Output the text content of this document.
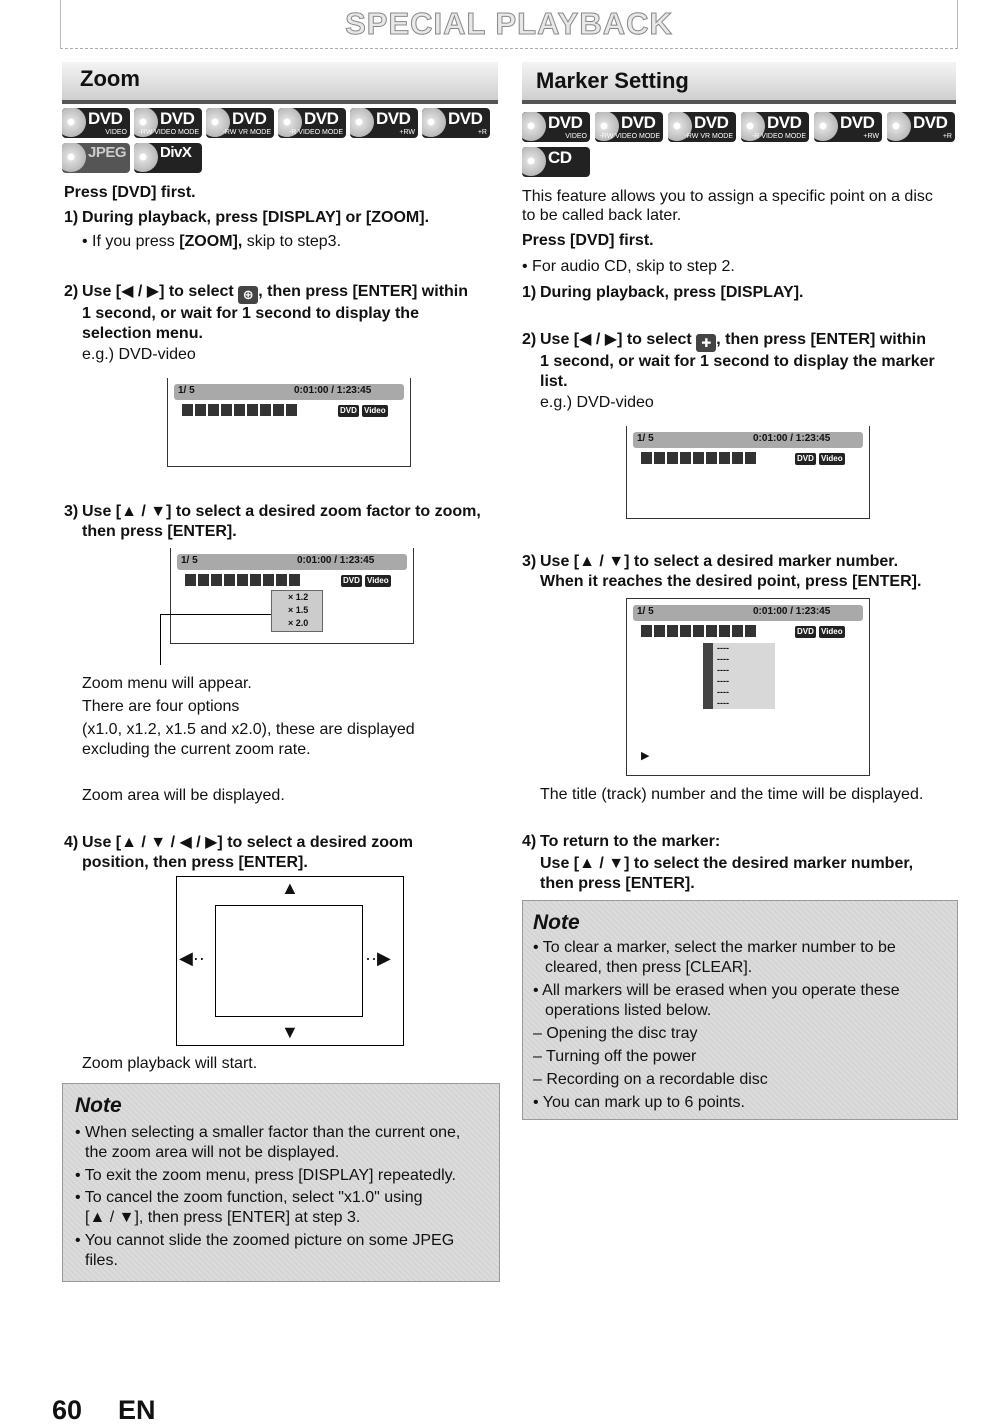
SPECIAL PLAYBACK
Zoom
DVD
VIDEO
DVD
-RW VIDEO MODE
DVD
-RW VR MODE
DVD
-R VIDEO MODE
DVD
+RW
DVD
+R
JPEG DivX
Press [DVD] first.
1) During playback, press [DISPLAY] or [ZOOM].
• If you press [ZOOM], skip to step3.
2) Use [◀ / ▶] to select ⊕ , then press [ENTER] within
1 second, or wait for 1 second to display the
selection menu.
e.g.) DVD-video
1/ 5	0:01:00 / 1:23:45
DVD Video
3) Use [▲ / ▼] to select a desired zoom factor to zoom,
then press [ENTER].
1/ 5	0:01:00 / 1:23:45
DVD Video
× 1.2
× 1.5
× 2.0
Zoom menu will appear.
There are four options
(x1.0, x1.2, x1.5 and x2.0), these are displayed
excluding the current zoom rate.
Zoom area will be displayed.
4) Use [▲ / ▼ / ◀ / ▶] to select a desired zoom
position, then press [ENTER].
▲
▼
◀··	··▶
Zoom playback will start.
Note
• When selecting a smaller factor than the current one,
the zoom area will not be displayed.
• To exit the zoom menu, press [DISPLAY] repeatedly.
• To cancel the zoom function, select "x1.0" using
[▲ / ▼], then press [ENTER] at step 3.
• You cannot slide the zoomed picture on some JPEG
files.
Marker Setting
DVD
VIDEO
DVD
-RW VIDEO MODE
DVD
-RW VR MODE
DVD
-R VIDEO MODE
DVD
+RW
DVD
+R
CD
This feature allows you to assign a specific point on a disc
to be called back later.
Press [DVD] first.
• For audio CD, skip to step 2.
1) During playback, press [DISPLAY].
2) Use [◀ / ▶] to select ✚ , then press [ENTER] within
1 second, or wait for 1 second to display the marker
list.
e.g.) DVD-video
1/ 5	0:01:00 / 1:23:45
DVD Video
3) Use [▲ / ▼] to select a desired marker number.
When it reaches the desired point, press [ENTER].
1/ 5	0:01:00 / 1:23:45
DVD Video
----
----
----
----
----
----
▶
The title (track) number and the time will be displayed.
4) To return to the marker:
Use [▲ / ▼] to select the desired marker number,
then press [ENTER].
Note
• To clear a marker, select the marker number to be
cleared, then press [CLEAR].
• All markers will be erased when you operate these
operations listed below.
– Opening the disc tray
– Turning off the power
– Recording on a recordable disc
• You can mark up to 6 points.
60 EN
